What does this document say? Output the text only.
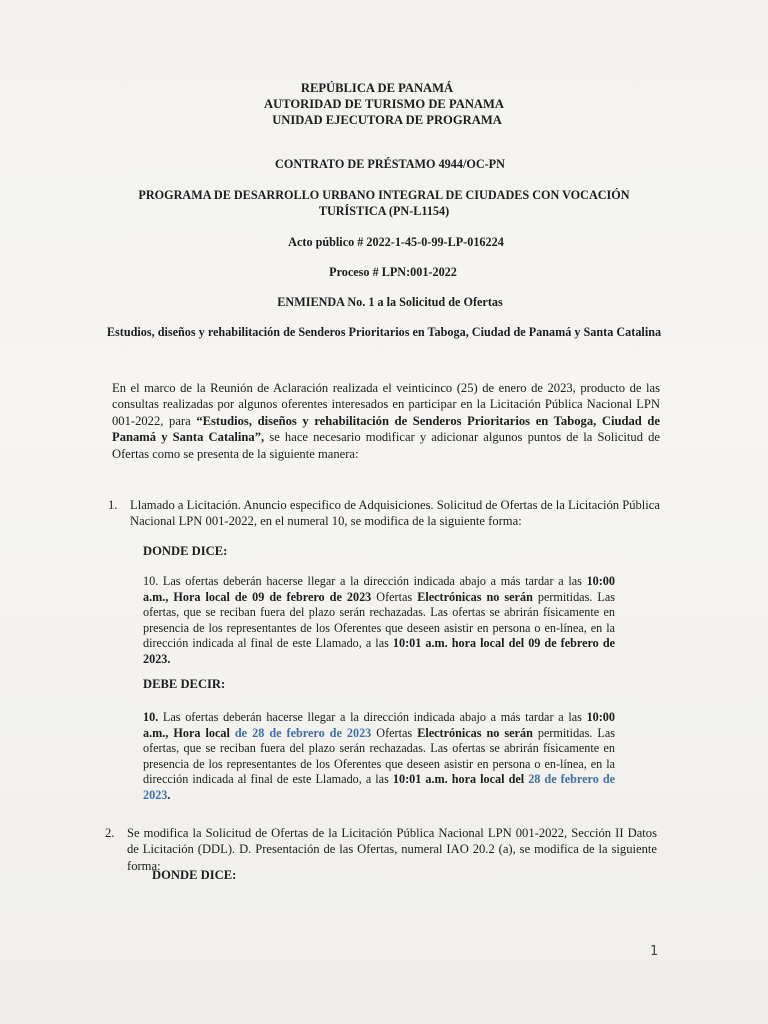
REPÚBLICA DE PANAMÁ
AUTORIDAD DE TURISMO DE PANAMA
UNIDAD EJECUTORA DE PROGRAMA
CONTRATO DE PRÉSTAMO 4944/OC-PN
PROGRAMA DE DESARROLLO URBANO INTEGRAL DE CIUDADES CON VOCACIÓN TURÍSTICA (PN-L1154)
Acto público # 2022-1-45-0-99-LP-016224
Proceso # LPN:001-2022
ENMIENDA No. 1 a la Solicitud de Ofertas
Estudios, diseños y rehabilitación de Senderos Prioritarios en Taboga, Ciudad de Panamá y Santa Catalina
En el marco de la Reunión de Aclaración realizada el veinticinco (25) de enero de 2023, producto de las consultas realizadas por algunos oferentes interesados en participar en la Licitación Pública Nacional LPN 001-2022, para “Estudios, diseños y rehabilitación de Senderos Prioritarios en Taboga, Ciudad de Panamá y Santa Catalina”, se hace necesario modificar y adicionar algunos puntos de la Solicitud de Ofertas como se presenta de la siguiente manera:
1. Llamado a Licitación. Anuncio especifico de Adquisiciones. Solicitud de Ofertas de la Licitación Pública Nacional LPN 001-2022, en el numeral 10, se modifica de la siguiente forma:
DONDE DICE:
10. Las ofertas deberán hacerse llegar a la dirección indicada abajo a más tardar a las 10:00 a.m., Hora local de 09 de febrero de 2023 Ofertas Electrónicas no serán permitidas. Las ofertas, que se reciban fuera del plazo serán rechazadas. Las ofertas se abrirán físicamente en presencia de los representantes de los Oferentes que deseen asistir en persona o en-línea, en la dirección indicada al final de este Llamado, a las 10:01 a.m. hora local del 09 de febrero de 2023.
DEBE DECIR:
10. Las ofertas deberán hacerse llegar a la dirección indicada abajo a más tardar a las 10:00 a.m., Hora local de 28 de febrero de 2023 Ofertas Electrónicas no serán permitidas. Las ofertas, que se reciban fuera del plazo serán rechazadas. Las ofertas se abrirán físicamente en presencia de los representantes de los Oferentes que deseen asistir en persona o en-línea, en la dirección indicada al final de este Llamado, a las 10:01 a.m. hora local del 28 de febrero de 2023.
2. Se modifica la Solicitud de Ofertas de la Licitación Pública Nacional LPN 001-2022, Sección II Datos de Licitación (DDL). D. Presentación de las Ofertas, numeral IAO 20.2 (a), se modifica de la siguiente forma:
DONDE DICE:
1
